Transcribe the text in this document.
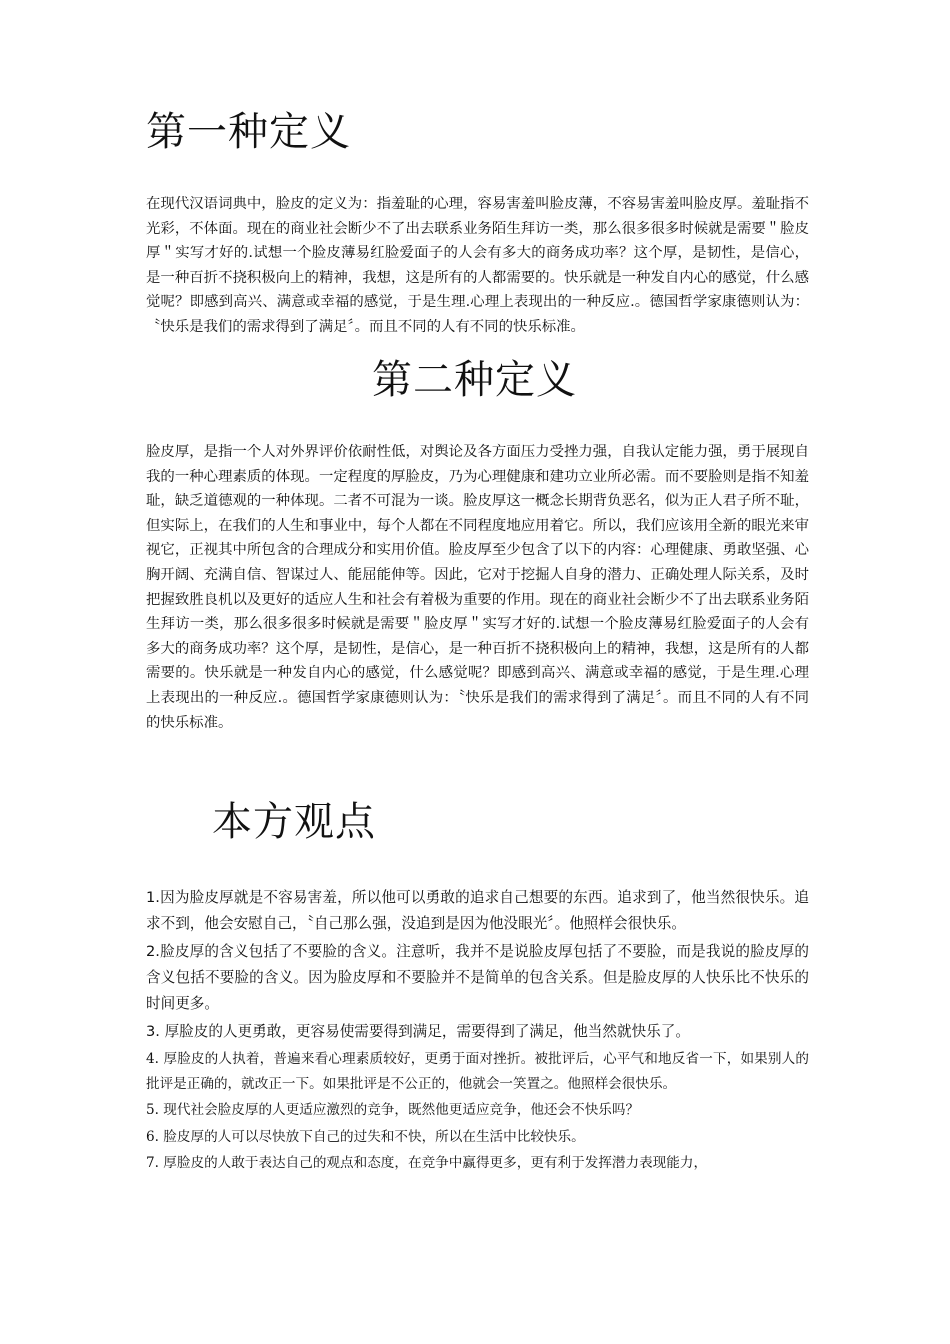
第一种定义

在现代汉语词典中，脸皮的定义为：指羞耻的心理，容易害羞叫脸皮薄，不容易害羞叫脸皮厚。羞耻指不光彩，不体面。现在的商业社会断少不了出去联系业务陌生拜访一类，那么很多很多时候就是需要＂脸皮厚＂实写才好的.试想一个脸皮薄易红脸爱面子的人会有多大的商务成功率？这个厚，是韧性，是信心，是一种百折不挠积极向上的精神，我想，这是所有的人都需要的。快乐就是一种发自内心的感觉，什么感觉呢？即感到高兴、满意或幸福的感觉，于是生理.心理上表现出的一种反应.。德国哲学家康德则认为：〝快乐是我们的需求得到了满足〞。而且不同的人有不同的快乐标准。

第二种定义

脸皮厚，是指一个人对外界评价依耐性低，对舆论及各方面压力受挫力强，自我认定能力强，勇于展现自我的一种心理素质的体现。一定程度的厚脸皮，乃为心理健康和建功立业所必需。而不要脸则是指不知羞耻，缺乏道德观的一种体现。二者不可混为一谈。脸皮厚这一概念长期背负恶名，似为正人君子所不耻，但实际上，在我们的人生和事业中，每个人都在不同程度地应用着它。所以，我们应该用全新的眼光来审视它，正视其中所包含的合理成分和实用价值。脸皮厚至少包含了以下的内容：心理健康、勇敢坚强、心胸开阔、充满自信、智谋过人、能屈能伸等。因此，它对于挖掘人自身的潜力、正确处理人际关系，及时把握致胜良机以及更好的适应人生和社会有着极为重要的作用。现在的商业社会断少不了出去联系业务陌生拜访一类，那么很多很多时候就是需要＂脸皮厚＂实写才好的.试想一个脸皮薄易红脸爱面子的人会有多大的商务成功率？这个厚，是韧性，是信心，是一种百折不挠积极向上的精神，我想，这是所有的人都需要的。快乐就是一种发自内心的感觉，什么感觉呢？即感到高兴、满意或幸福的感觉，于是生理.心理上表现出的一种反应.。德国哲学家康德则认为：〝快乐是我们的需求得到了满足〞。而且不同的人有不同的快乐标准。

本方观点
1.因为脸皮厚就是不容易害羞，所以他可以勇敢的追求自己想要的东西。追求到了，他当然很快乐。追求不到，他会安慰自己，〝自己那么强，没追到是因为他没眼光〞。他照样会很快乐。
2.脸皮厚的含义包括了不要脸的含义。注意听，我并不是说脸皮厚包括了不要脸，而是我说的脸皮厚的含义包括不要脸的含义。因为脸皮厚和不要脸并不是简单的包含关系。但是脸皮厚的人快乐比不快乐的时间更多。
3. 厚脸皮的人更勇敢，更容易使需要得到满足，需要得到了满足，他当然就快乐了。
4. 厚脸皮的人执着，普遍来看心理素质较好，更勇于面对挫折。被批评后，心平气和地反省一下，如果别人的批评是正确的，就改正一下。如果批评是不公正的，他就会一笑置之。他照样会很快乐。
5. 现代社会脸皮厚的人更适应激烈的竞争，既然他更适应竞争，他还会不快乐吗？
6. 脸皮厚的人可以尽快放下自己的过失和不快，所以在生活中比较快乐。
7. 厚脸皮的人敢于表达自己的观点和态度，在竞争中赢得更多，更有利于发挥潜力表现能力，
